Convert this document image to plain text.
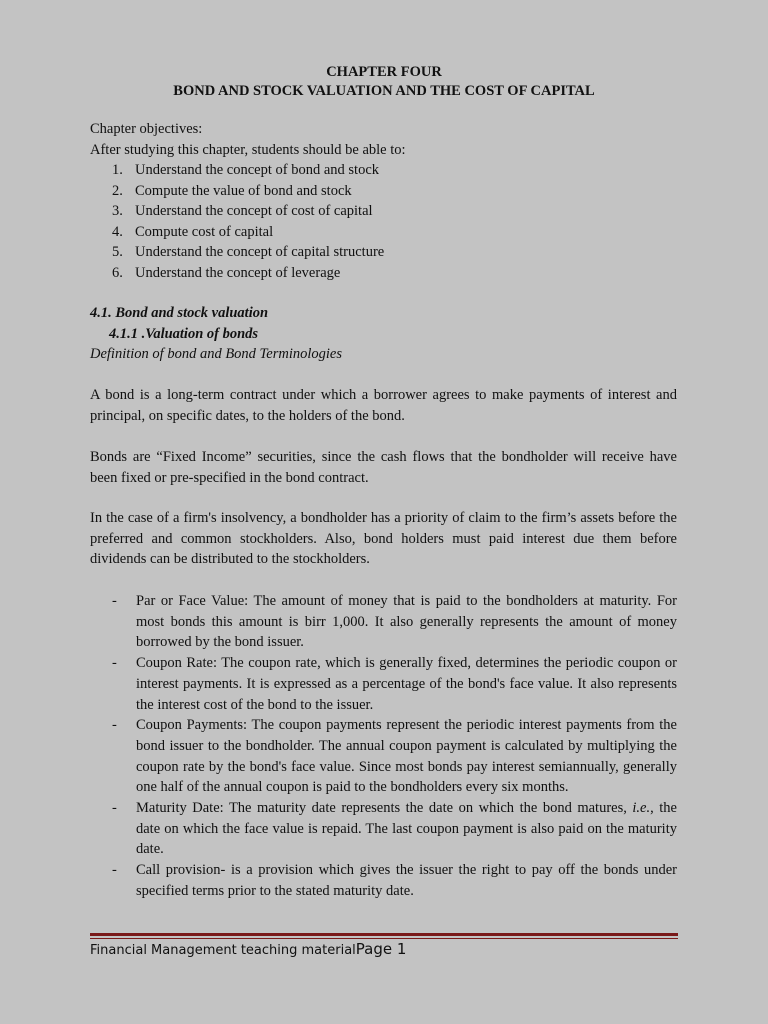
CHAPTER FOUR
BOND AND STOCK VALUATION AND THE COST OF CAPITAL
Chapter objectives:
After studying this chapter, students should be able to:
1. Understand the concept of bond and stock
2. Compute the value of bond and stock
3. Understand the concept of cost of capital
4. Compute cost of capital
5. Understand the concept of capital structure
6. Understand the concept of leverage
4.1. Bond and stock valuation
4.1.1 .Valuation of bonds
Definition of bond and Bond Terminologies
A bond is a long-term contract under which a borrower agrees to make payments of interest and principal, on specific dates, to the holders of the bond.
Bonds are “Fixed Income” securities, since the cash flows that the bondholder will receive have been fixed or pre-specified in the bond contract.
In the case of a firm's insolvency, a bondholder has a priority of claim to the firm’s assets before the preferred and common stockholders. Also, bond holders must paid interest due them before dividends can be distributed to the stockholders.
- Par or Face Value: The amount of money that is paid to the bondholders at maturity. For most bonds this amount is birr 1,000. It also generally represents the amount of money borrowed by the bond issuer.
- Coupon Rate: The coupon rate, which is generally fixed, determines the periodic coupon or interest payments. It is expressed as a percentage of the bond's face value. It also represents the interest cost of the bond to the issuer.
- Coupon Payments: The coupon payments represent the periodic interest payments from the bond issuer to the bondholder. The annual coupon payment is calculated by multiplying the coupon rate by the bond's face value. Since most bonds pay interest semiannually, generally one half of the annual coupon is paid to the bondholders every six months.
- Maturity Date: The maturity date represents the date on which the bond matures, i.e., the date on which the face value is repaid. The last coupon payment is also paid on the maturity date.
- Call provision- is a provision which gives the issuer the right to pay off the bonds under specified terms prior to the stated maturity date.
Financial Management teaching materialPage 1
